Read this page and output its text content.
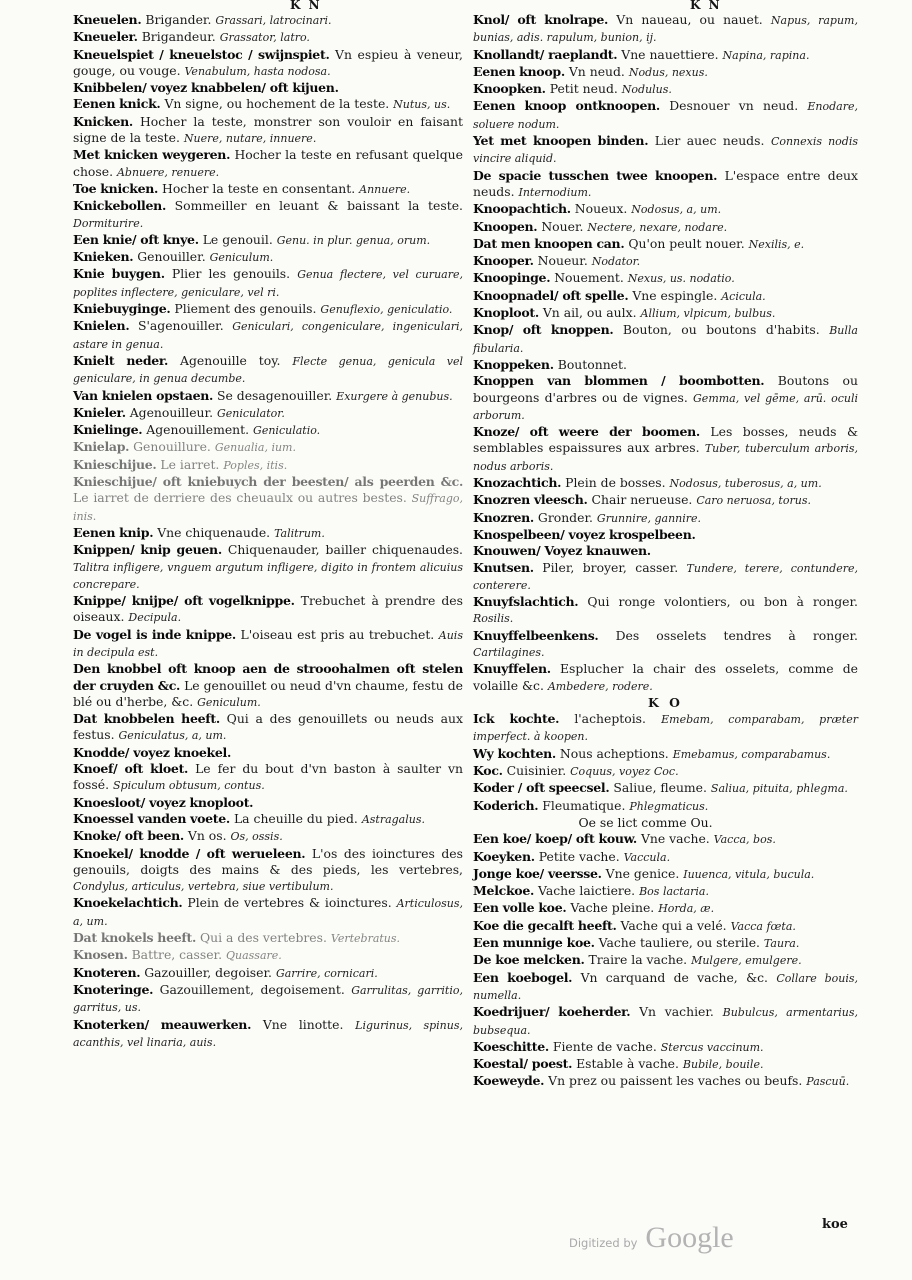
K N	K N

Kneuelen. Brigander. Grassari, latrocinari.

Kneueler. Brigandeur. Grassator, latro.

Kneuelspiet / kneuelstoc / swijnspiet. Vn espieu à veneur, gouge, ou vouge. Venabulum, hasta nodosa.

Knibbelen/ voyez knabbelen/ oft kijuen.

Eenen knick. Vn signe, ou hochement de la teste. Nutus, us.

Knicken. Hocher la teste, monstrer son vouloir en faisant signe de la teste. Nuere, nutare, innuere.

Met knicken weygeren. Hocher la teste en refusant quelque chose. Abnuere, renuere.

Toe knicken. Hocher la teste en consentant. Annuere.

Knickebollen. Sommeiller en leuant & baissant la teste. Dormiturire.

Een knie/ oft knye. Le genouil. Genu. in plur. genua, orum.

Knieken. Genouiller. Geniculum.

Knie buygen. Plier les genouils. Genua flectere, vel curuare, poplites inflectere, geniculare, vel ri.

Kniebuyginge. Pliement des genouils. Genuflexio, geniculatio.

Knielen. S'agenouiller. Geniculari, congeniculare, ingeniculari, astare in genua.

Knielt neder. Agenouille toy. Flecte genua, genicula vel geniculare, in genua decumbe.

Van knielen opstaen. Se desagenouiller. Exurgere à genubus.

Knieler. Agenouilleur. Geniculator.

Knielinge. Agenouillement. Geniculatio.

Knielap. Genouillure. Genualia, ium.

Knieschijue. Le iarret. Poples, itis.

Knieschijue/ oft kniebuych der beesten/ als peerden &c. Le iarret de derriere des cheuaulx ou autres bestes. Suffrago, inis.

Eenen knip. Vne chiquenaude. Talitrum.

Knippen/ knip geuen. Chiquenauder, bailler chiquenaudes. Talitra infligere, vnguem argutum infligere, digito in frontem alicuius concrepare.

Knippe/ knijpe/ oft vogelknippe. Trebuchet à prendre des oiseaux. Decipula.

De vogel is inde knippe. L'oiseau est pris au trebuchet. Auis in decipula est.

Den knobbel oft knoop aen de strooohalmen oft stelen der cruyden &c. Le genouillet ou neud d'vn chaume, festu de blé ou d'herbe, &c. Geniculum.

Dat knobbelen heeft. Qui a des genouillets ou neuds aux festus. Geniculatus, a, um.

Knodde/ voyez knoekel.

Knoef/ oft kloet. Le fer du bout d'vn baston à saulter vn fossé. Spiculum obtusum, contus.

Knoesloot/ voyez knoploot.

Knoessel vanden voete. La cheuille du pied. Astragalus.

Knoke/ oft been. Vn os. Os, ossis.

Knoekel/ knodde / oft werueleen. L'os des ioinctures des genouils, doigts des mains & des pieds, les vertebres, Condylus, articulus, vertebra, siue vertibulum.

Knoekelachtich. Plein de vertebres & ioinctures. Articulosus, a, um.

Dat knokels heeft. Qui a des vertebres. Vertebratus.

Knosen. Battre, casser. Quassare.

Knoteren. Gazouiller, degoiser. Garrire, cornicari.

Knoteringe. Gazouillement, degoisement. Garrulitas, garritio, garritus, us.

Knoterken/ meauwerken. Vne linotte. Ligurinus, spinus, acanthis, vel linaria, auis.

Knol/ oft knolrape. Vn naueau, ou nauet. Napus, rapum, bunias, adis. rapulum, bunion, ij.

Knollandt/ raeplandt. Vne nauettiere. Napina, rapina.

Eenen knoop. Vn neud. Nodus, nexus.

Knoopken. Petit neud. Nodulus.

Eenen knoop ontknoopen. Desnouer vn neud. Enodare, soluere nodum.

Yet met knoopen binden. Lier auec neuds. Connexis nodis vincire aliquid.

De spacie tusschen twee knoopen. L'espace entre deux neuds. Internodium.

Knoopachtich. Noueux. Nodosus, a, um.

Knoopen. Nouer. Nectere, nexare, nodare.

Dat men knoopen can. Qu'on peult nouer. Nexilis, e.

Knooper. Noueur. Nodator.

Knoopinge. Nouement. Nexus, us. nodatio.

Knoopnadel/ oft spelle. Vne espingle. Acicula.

Knoploot. Vn ail, ou aulx. Allium, vlpicum, bulbus.

Knop/ oft knoppen. Bouton, ou boutons d'habits. Bulla fibularia.

Knoppeken. Boutonnet.

Knoppen van blommen / boombotten. Boutons ou bourgeons d'arbres ou de vignes. Gemma, vel gēme, arū. oculi arborum.

Knoze/ oft weere der boomen. Les bosses, neuds & semblables espaissures aux arbres. Tuber, tuberculum arboris, nodus arboris.

Knozachtich. Plein de bosses. Nodosus, tuberosus, a, um.

Knozren vleesch. Chair nerueuse. Caro neruosa, torus.

Knozren. Gronder. Grunnire, gannire.

Knospelbeen/ voyez krospelbeen.

Knouwen/ Voyez knauwen.

Knutsen. Piler, broyer, casser. Tundere, terere, contundere, conterere.

Knuyfslachtich. Qui ronge volontiers, ou bon à ronger. Rosilis.

Knuyffelbeenkens. Des osselets tendres à ronger. Cartilagines.

Knuyffelen. Esplucher la chair des osselets, comme de volaille &c. Ambedere, rodere.

K O

Ick kochte. l'acheptois. Emebam, comparabam, præter imperfect. à koopen.

Wy kochten. Nous acheptions. Emebamus, comparabamus.

Koc. Cuisinier. Coquus, voyez Coc.

Koder / oft speecsel. Saliue, fleume. Saliua, pituita, phlegma.

Koderich. Fleumatique. Phlegmaticus.

Oe se lict comme Ou.

Een koe/ koep/ oft kouw. Vne vache. Vacca, bos.

Koeyken. Petite vache. Vaccula.

Jonge koe/ veersse. Vne genice. Iuuenca, vitula, bucula.

Melckoe. Vache laictiere. Bos lactaria.

Een volle koe. Vache pleine. Horda, æ.

Koe die gecalft heeft. Vache qui a velé. Vacca fœta.

Een munnige koe. Vache tauliere, ou sterile. Taura.

De koe melcken. Traire la vache. Mulgere, emulgere.

Een koebogel. Vn carquand de vache, &c. Collare bouis, numella.

Koedrijuer/ koeherder. Vn vachier. Bubulcus, armentarius, bubsequa.

Koeschitte. Fiente de vache. Stercus vaccinum.

Koestal/ poest. Estable à vache. Bubile, bouile.

Koeweyde. Vn prez ou paissent les vaches ou beufs. Pascuū.

koe
Digitized by Google
